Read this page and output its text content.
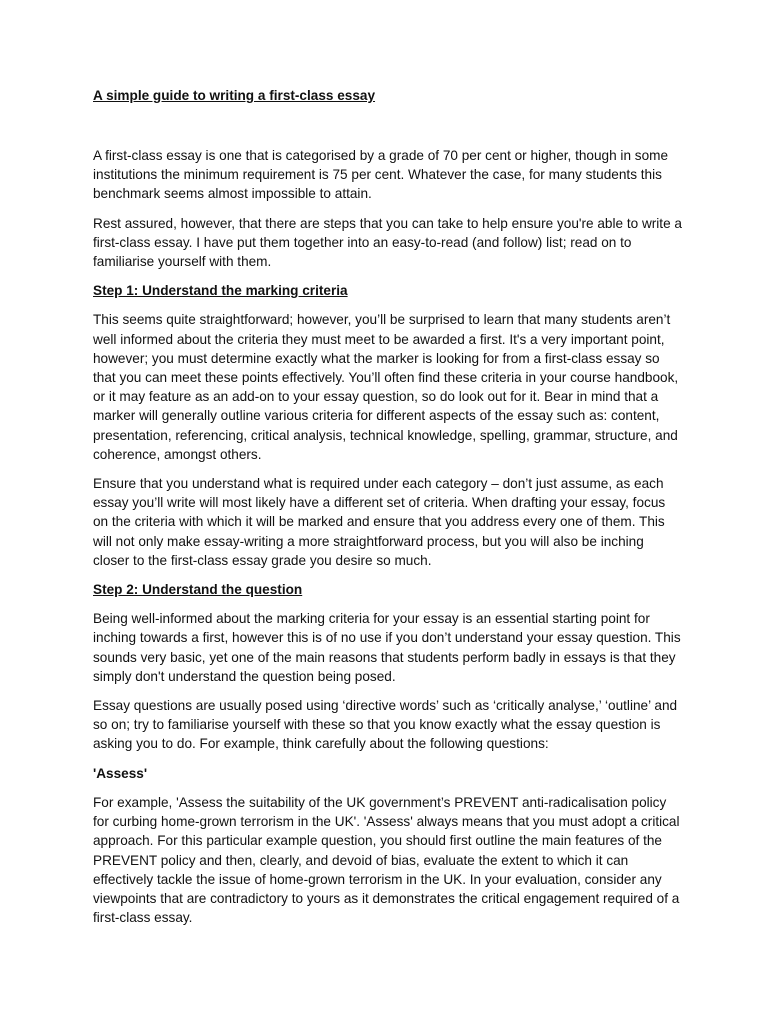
A simple guide to writing a first-class essay

A first-class essay is one that is categorised by a grade of 70 per cent or higher, though in some institutions the minimum requirement is 75 per cent. Whatever the case, for many students this benchmark seems almost impossible to attain.

Rest assured, however, that there are steps that you can take to help ensure you're able to write a first-class essay. I have put them together into an easy-to-read (and follow) list; read on to familiarise yourself with them.

Step 1: Understand the marking criteria

This seems quite straightforward; however, you’ll be surprised to learn that many students aren’t well informed about the criteria they must meet to be awarded a first. It's a very important point, however; you must determine exactly what the marker is looking for from a first-class essay so that you can meet these points effectively. You’ll often find these criteria in your course handbook, or it may feature as an add-on to your essay question, so do look out for it. Bear in mind that a marker will generally outline various criteria for different aspects of the essay such as: content, presentation, referencing, critical analysis, technical knowledge, spelling, grammar, structure, and coherence, amongst others.

Ensure that you understand what is required under each category – don’t just assume, as each essay you’ll write will most likely have a different set of criteria. When drafting your essay, focus on the criteria with which it will be marked and ensure that you address every one of them. This will not only make essay-writing a more straightforward process, but you will also be inching closer to the first-class essay grade you desire so much.

Step 2: Understand the question

Being well-informed about the marking criteria for your essay is an essential starting point for inching towards a first, however this is of no use if you don’t understand your essay question. This sounds very basic, yet one of the main reasons that students perform badly in essays is that they simply don't understand the question being posed.

Essay questions are usually posed using ‘directive words’ such as ‘critically analyse,’ ‘outline’ and so on; try to familiarise yourself with these so that you know exactly what the essay question is asking you to do. For example, think carefully about the following questions:

'Assess'

For example, 'Assess the suitability of the UK government’s PREVENT anti-radicalisation policy for curbing home-grown terrorism in the UK'. 'Assess' always means that you must adopt a critical approach. For this particular example question, you should first outline the main features of the PREVENT policy and then, clearly, and devoid of bias, evaluate the extent to which it can effectively tackle the issue of home-grown terrorism in the UK. In your evaluation, consider any viewpoints that are contradictory to yours as it demonstrates the critical engagement required of a first-class essay.
